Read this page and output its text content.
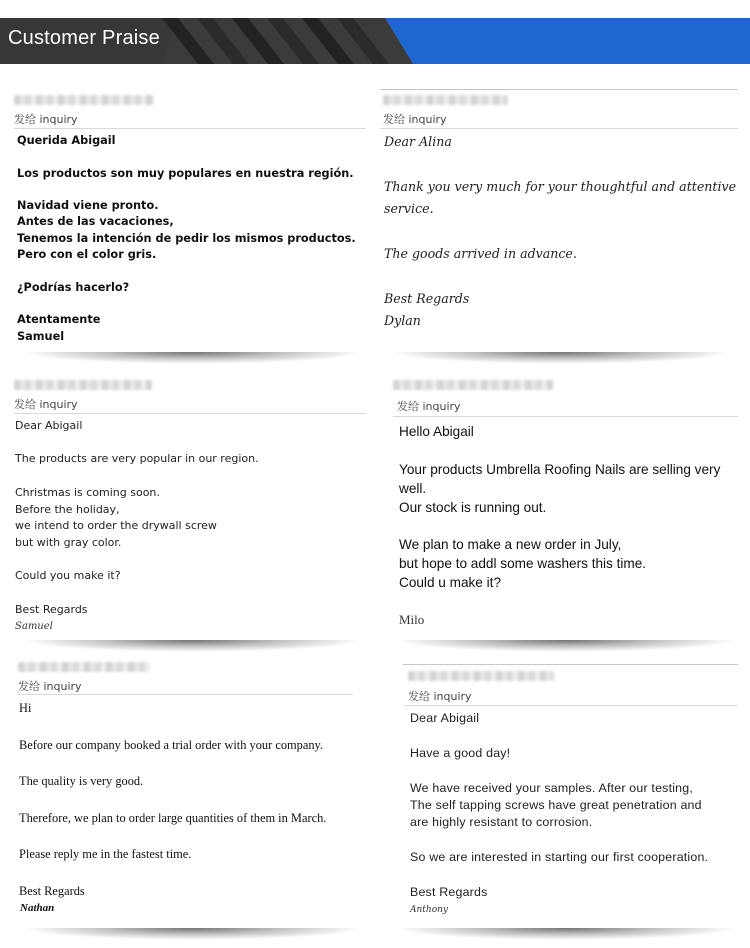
Customer Praise
发给 inquiry
Querida Abigail

Los productos son muy populares en nuestra región.

Navidad viene pronto.
Antes de las vacaciones,
Tenemos la intención de pedir los mismos productos.
Pero con el color gris.

¿Podrías hacerlo?

Atentamente
Samuel
发给 inquiry
Dear Alina

Thank you very much for your thoughtful and attentive service.

The goods arrived in advance.

Best Regards
Dylan
发给 inquiry
Dear Abigail

The products are very popular in our region.

Christmas is coming soon.
Before the holiday,
we intend to order the drywall screw
but with gray color.

Could you make it?

Best Regards
Samuel
发给 inquiry
Hello Abigail

Your products Umbrella Roofing Nails are selling very well.
Our stock is running out.

We plan to make a new order in July,
but hope to addl some washers this time.
Could u make it?
Milo
发给 inquiry
Hi

Before our company booked a trial order with your company.

The quality is very good.

Therefore, we plan to order large quantities of them in March.

Please reply me in the fastest time.

Best Regards
Nathan
发给 inquiry
Dear Abigail

Have a good day!

We have received your samples. After our testing,
The self tapping screws have great penetration and
are highly resistant to corrosion.

So we are interested in starting our first cooperation.

Best Regards
Anthony
